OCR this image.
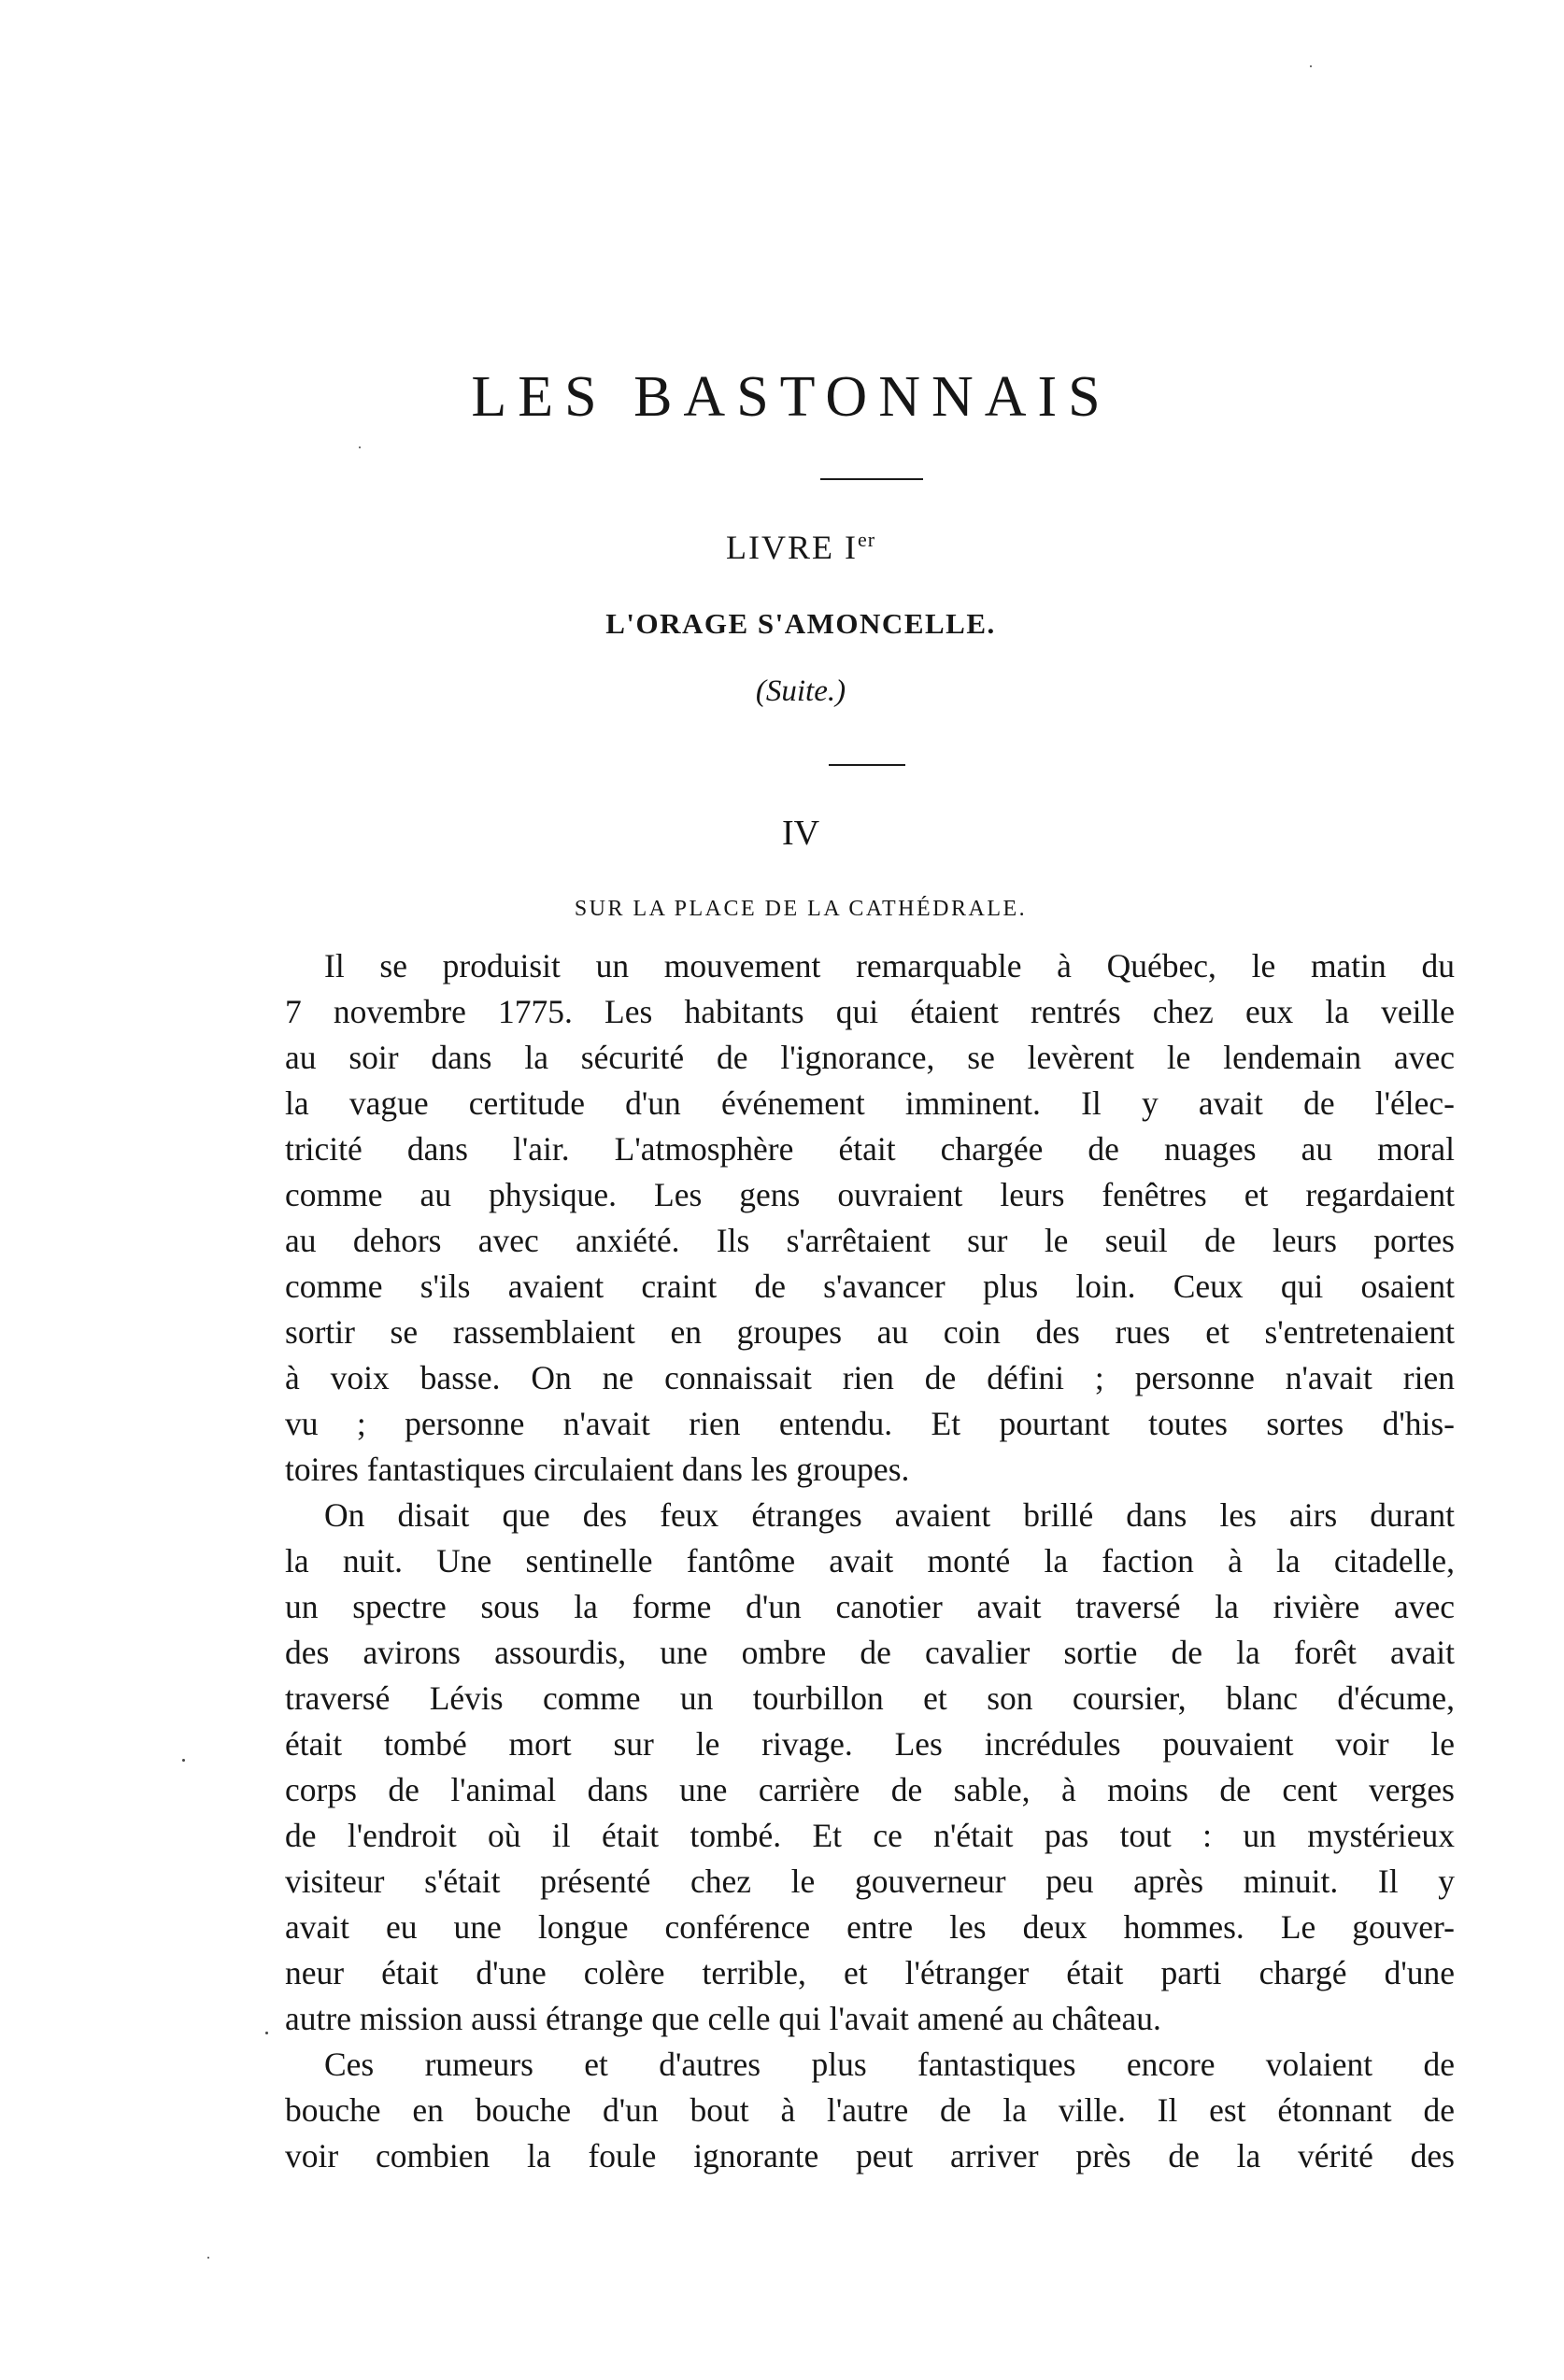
LES BASTONNAIS
LIVRE Ier
L'ORAGE S'AMONCELLE.
(Suite.)
IV
SUR LA PLACE DE LA CATHÉDRALE.
Il se produisit un mouvement remarquable à Québec, le matin du
7 novembre 1775. Les habitants qui étaient rentrés chez eux la veille
au soir dans la sécurité de l'ignorance, se levèrent le lendemain avec
la vague certitude d'un événement imminent. Il y avait de l'élec-
tricité dans l'air. L'atmosphère était chargée de nuages au moral
comme au physique. Les gens ouvraient leurs fenêtres et regardaient
au dehors avec anxiété. Ils s'arrêtaient sur le seuil de leurs portes
comme s'ils avaient craint de s'avancer plus loin. Ceux qui osaient
sortir se rassemblaient en groupes au coin des rues et s'entretenaient
à voix basse. On ne connaissait rien de défini ; personne n'avait rien
vu ; personne n'avait rien entendu. Et pourtant toutes sortes d'his-
toires fantastiques circulaient dans les groupes.
On disait que des feux étranges avaient brillé dans les airs durant
la nuit. Une sentinelle fantôme avait monté la faction à la citadelle,
un spectre sous la forme d'un canotier avait traversé la rivière avec
des avirons assourdis, une ombre de cavalier sortie de la forêt avait
traversé Lévis comme un tourbillon et son coursier, blanc d'écume,
était tombé mort sur le rivage. Les incrédules pouvaient voir le
corps de l'animal dans une carrière de sable, à moins de cent verges
de l'endroit où il était tombé. Et ce n'était pas tout : un mystérieux
visiteur s'était présenté chez le gouverneur peu après minuit. Il y
avait eu une longue conférence entre les deux hommes. Le gouver-
neur était d'une colère terrible, et l'étranger était parti chargé d'une
autre mission aussi étrange que celle qui l'avait amené au château.
Ces rumeurs et d'autres plus fantastiques encore volaient de
bouche en bouche d'un bout à l'autre de la ville. Il est étonnant de
voir combien la foule ignorante peut arriver près de la vérité des
